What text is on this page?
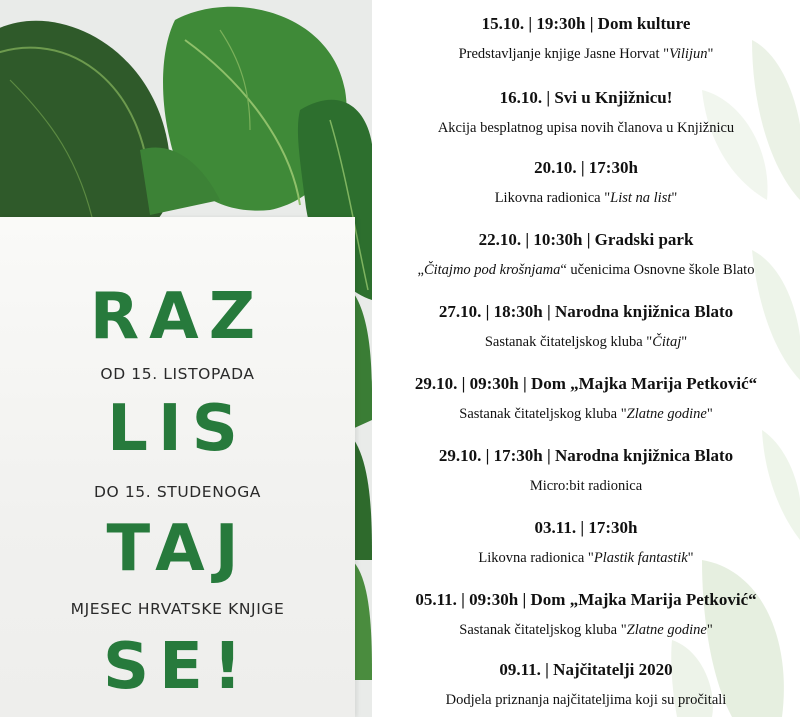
RAZ
OD 15. LISTOPADA
LIS
DO 15. STUDENOGA
TAJ
MJESEC HRVATSKE KNJIGE
SE!
15.10. | 19:30h | Dom kulture
Predstavljanje knjige Jasne Horvat "Vilijun"
16.10. | Svi u Knjižnicu!
Akcija besplatnog upisa novih članova u Knjižnicu
20.10. | 17:30h
Likovna radionica "List na list"
22.10. | 10:30h | Gradski park
„Čitajmo pod krošnjama“ učenicima Osnovne škole Blato
27.10. | 18:30h | Narodna knjižnica Blato
Sastanak čitateljskog kluba "Čitaj"
29.10. | 09:30h | Dom „Majka Marija Petković“
Sastanak čitateljskog kluba "Zlatne godine"
29.10. | 17:30h | Narodna knjižnica Blato
Micro:bit radionica
03.11. | 17:30h
Likovna radionica "Plastik fantastik"
05.11. | 09:30h | Dom „Majka Marija Petković“
Sastanak čitateljskog kluba "Zlatne godine"
09.11. | Najčitatelji 2020
Dodjela priznanja najčitateljima koji su pročitali
